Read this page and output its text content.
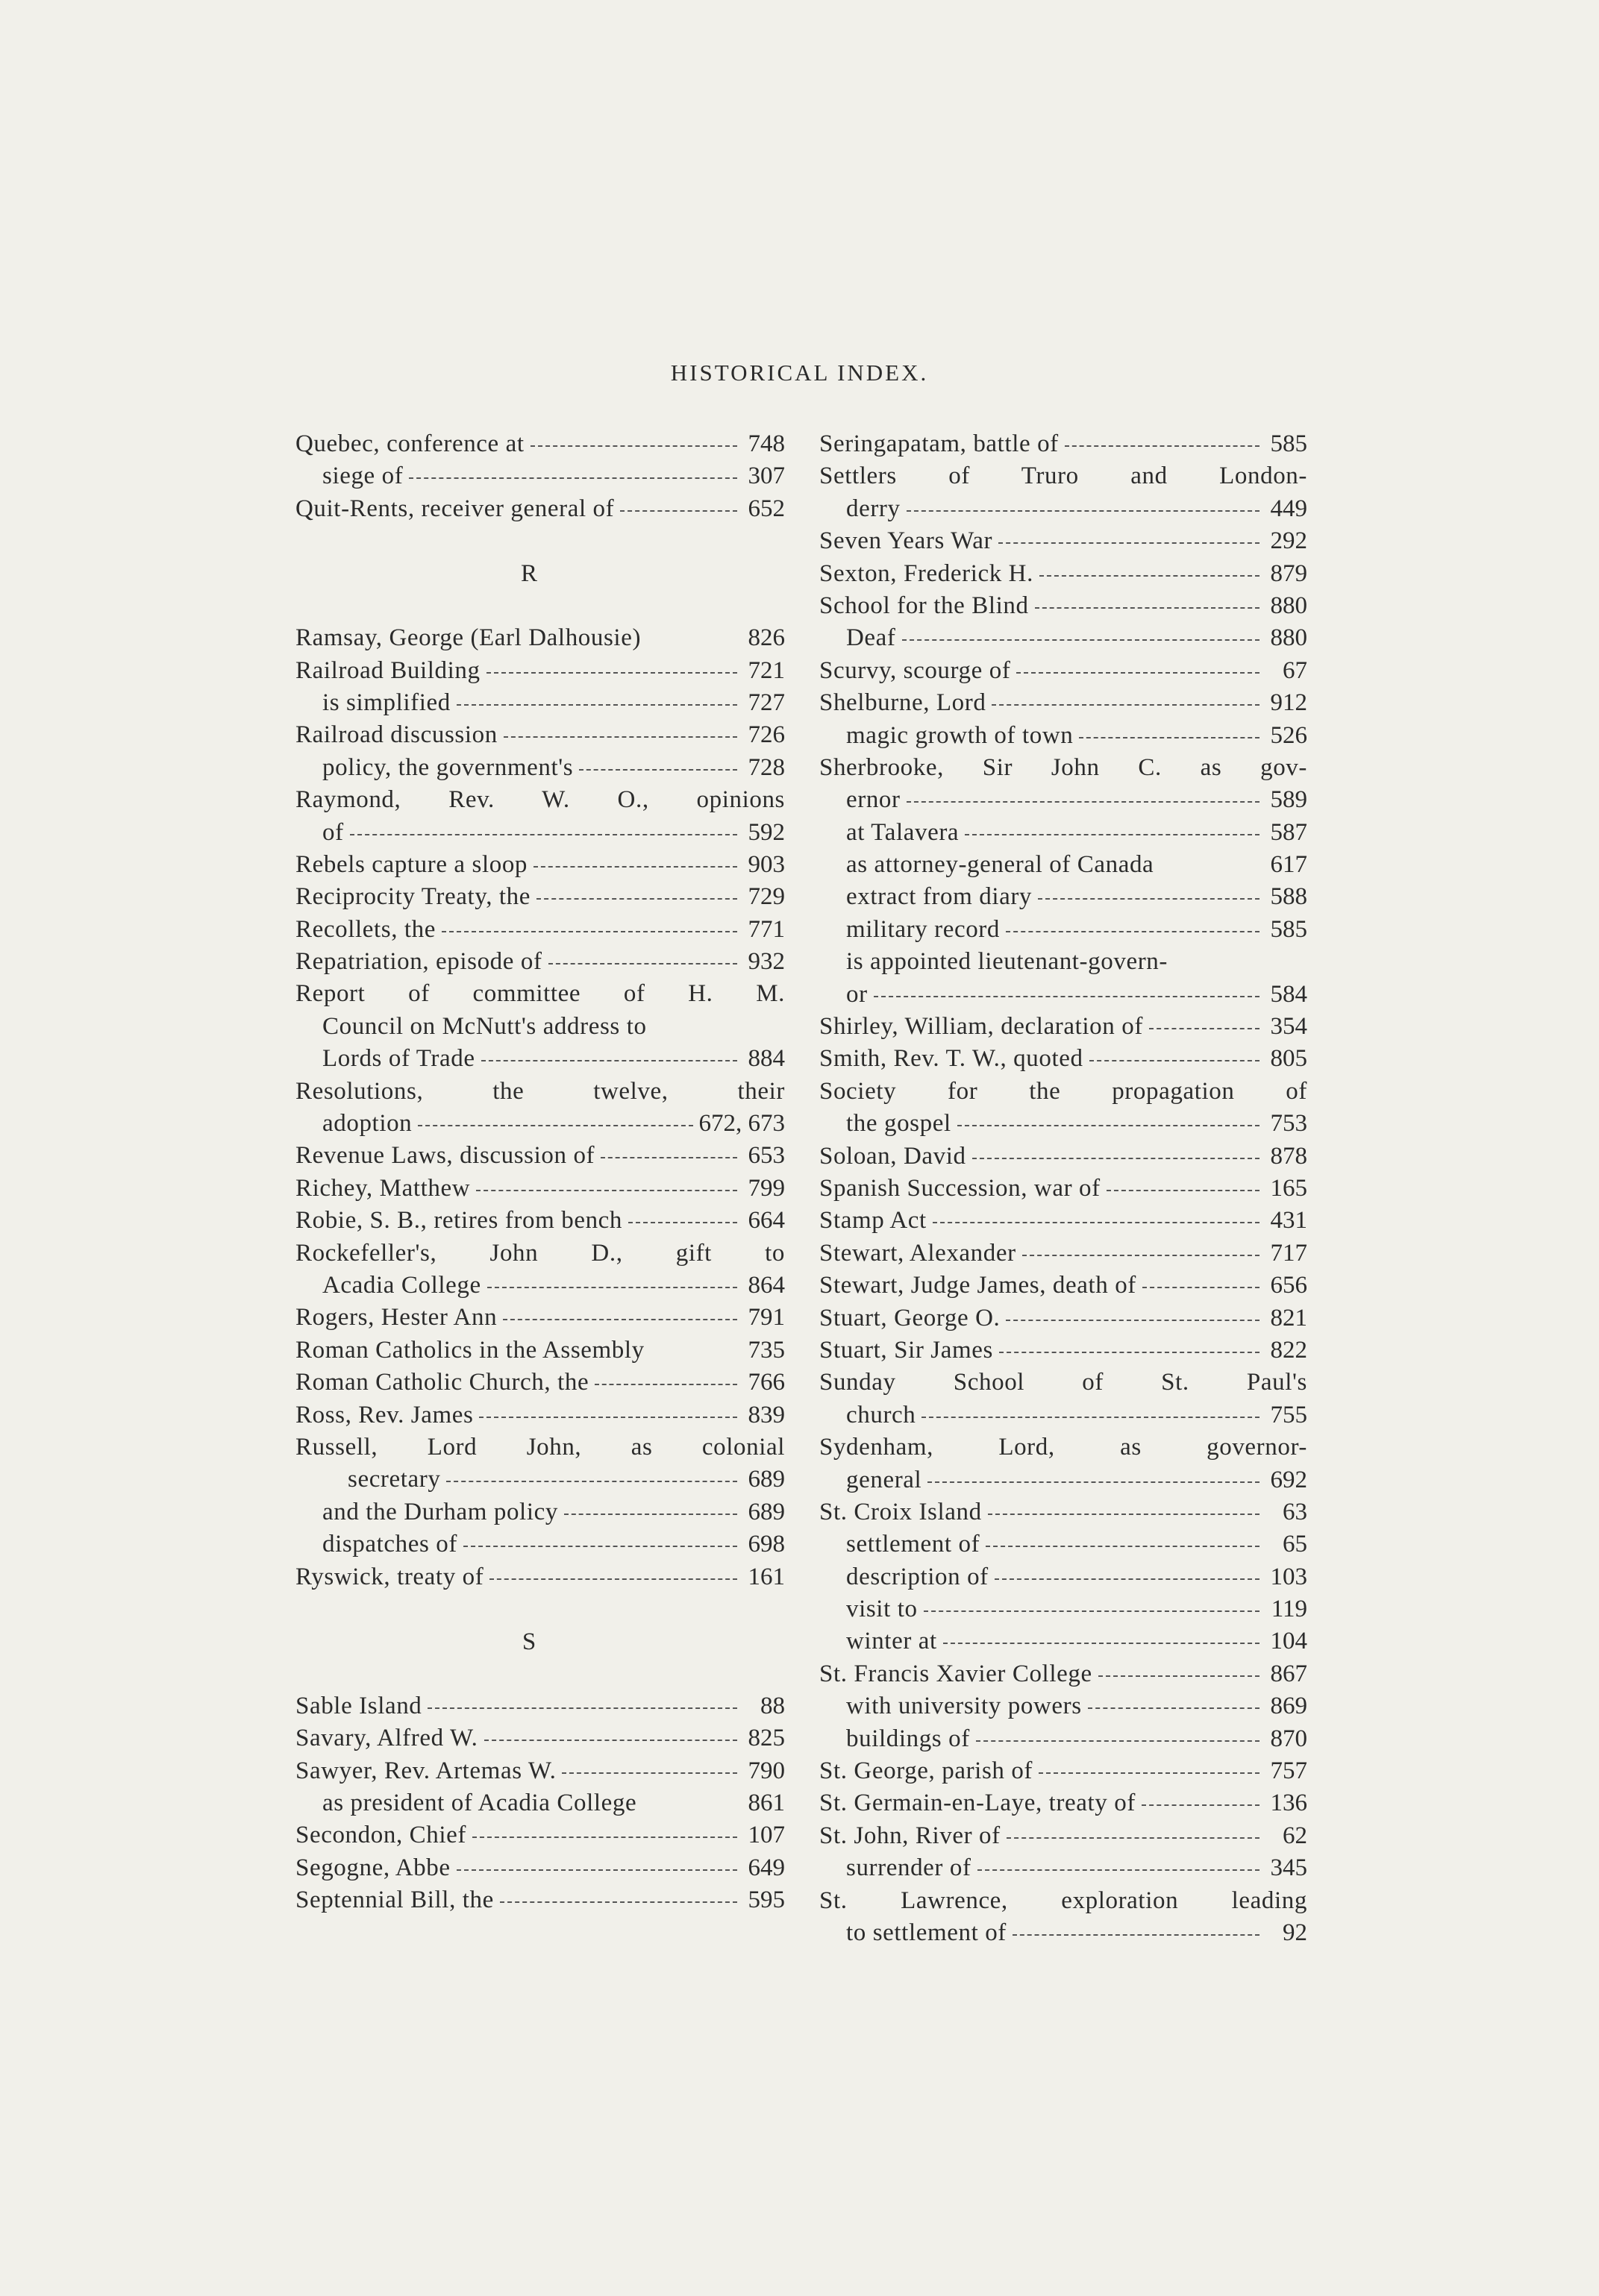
HISTORICAL INDEX.
Quebec, conference at	748
siege of	307
Quit-Rents, receiver general of	652
R
Ramsay, George (Earl Dalhousie)	826
Railroad Building	721
is simplified	727
Railroad discussion	726
policy, the government's	728
Raymond, Rev. W. O., opinions
of	592
Rebels capture a sloop	903
Reciprocity Treaty, the	729
Recollets, the	771
Repatriation, episode of	932
Report of committee of H. M.
Council on McNutt's address to
Lords of Trade	884
Resolutions, the twelve, their
adoption	672, 673
Revenue Laws, discussion of	653
Richey, Matthew	799
Robie, S. B., retires from bench	664
Rockefeller's, John D., gift to
Acadia College	864
Rogers, Hester Ann	791
Roman Catholics in the Assembly	735
Roman Catholic Church, the	766
Ross, Rev. James	839
Russell, Lord John, as colonial
secretary	689
and the Durham policy	689
dispatches of	698
Ryswick, treaty of	161
S
Sable Island	88
Savary, Alfred W.	825
Sawyer, Rev. Artemas W.	790
as president of Acadia College	861
Secondon, Chief	107
Segogne, Abbe	649
Septennial Bill, the	595
Seringapatam, battle of	585
Settlers of Truro and London-
derry	449
Seven Years War	292
Sexton, Frederick H.	879
School for the Blind	880
Deaf	880
Scurvy, scourge of	67
Shelburne, Lord	912
magic growth of town	526
Sherbrooke, Sir John C. as gov-
ernor	589
at Talavera	587
as attorney-general of Canada	617
extract from diary	588
military record	585
is appointed lieutenant-govern-
or	584
Shirley, William, declaration of	354
Smith, Rev. T. W., quoted	805
Society for the propagation of
the gospel	753
Soloan, David	878
Spanish Succession, war of	165
Stamp Act	431
Stewart, Alexander	717
Stewart, Judge James, death of	656
Stuart, George O.	821
Stuart, Sir James	822
Sunday School of St. Paul's
church	755
Sydenham, Lord, as governor-
general	692
St. Croix Island	63
settlement of	65
description of	103
visit to	119
winter at	104
St. Francis Xavier College	867
with university powers	869
buildings of	870
St. George, parish of	757
St. Germain-en-Laye, treaty of	136
St. John, River of	62
surrender of	345
St. Lawrence, exploration leading
to settlement of	92
